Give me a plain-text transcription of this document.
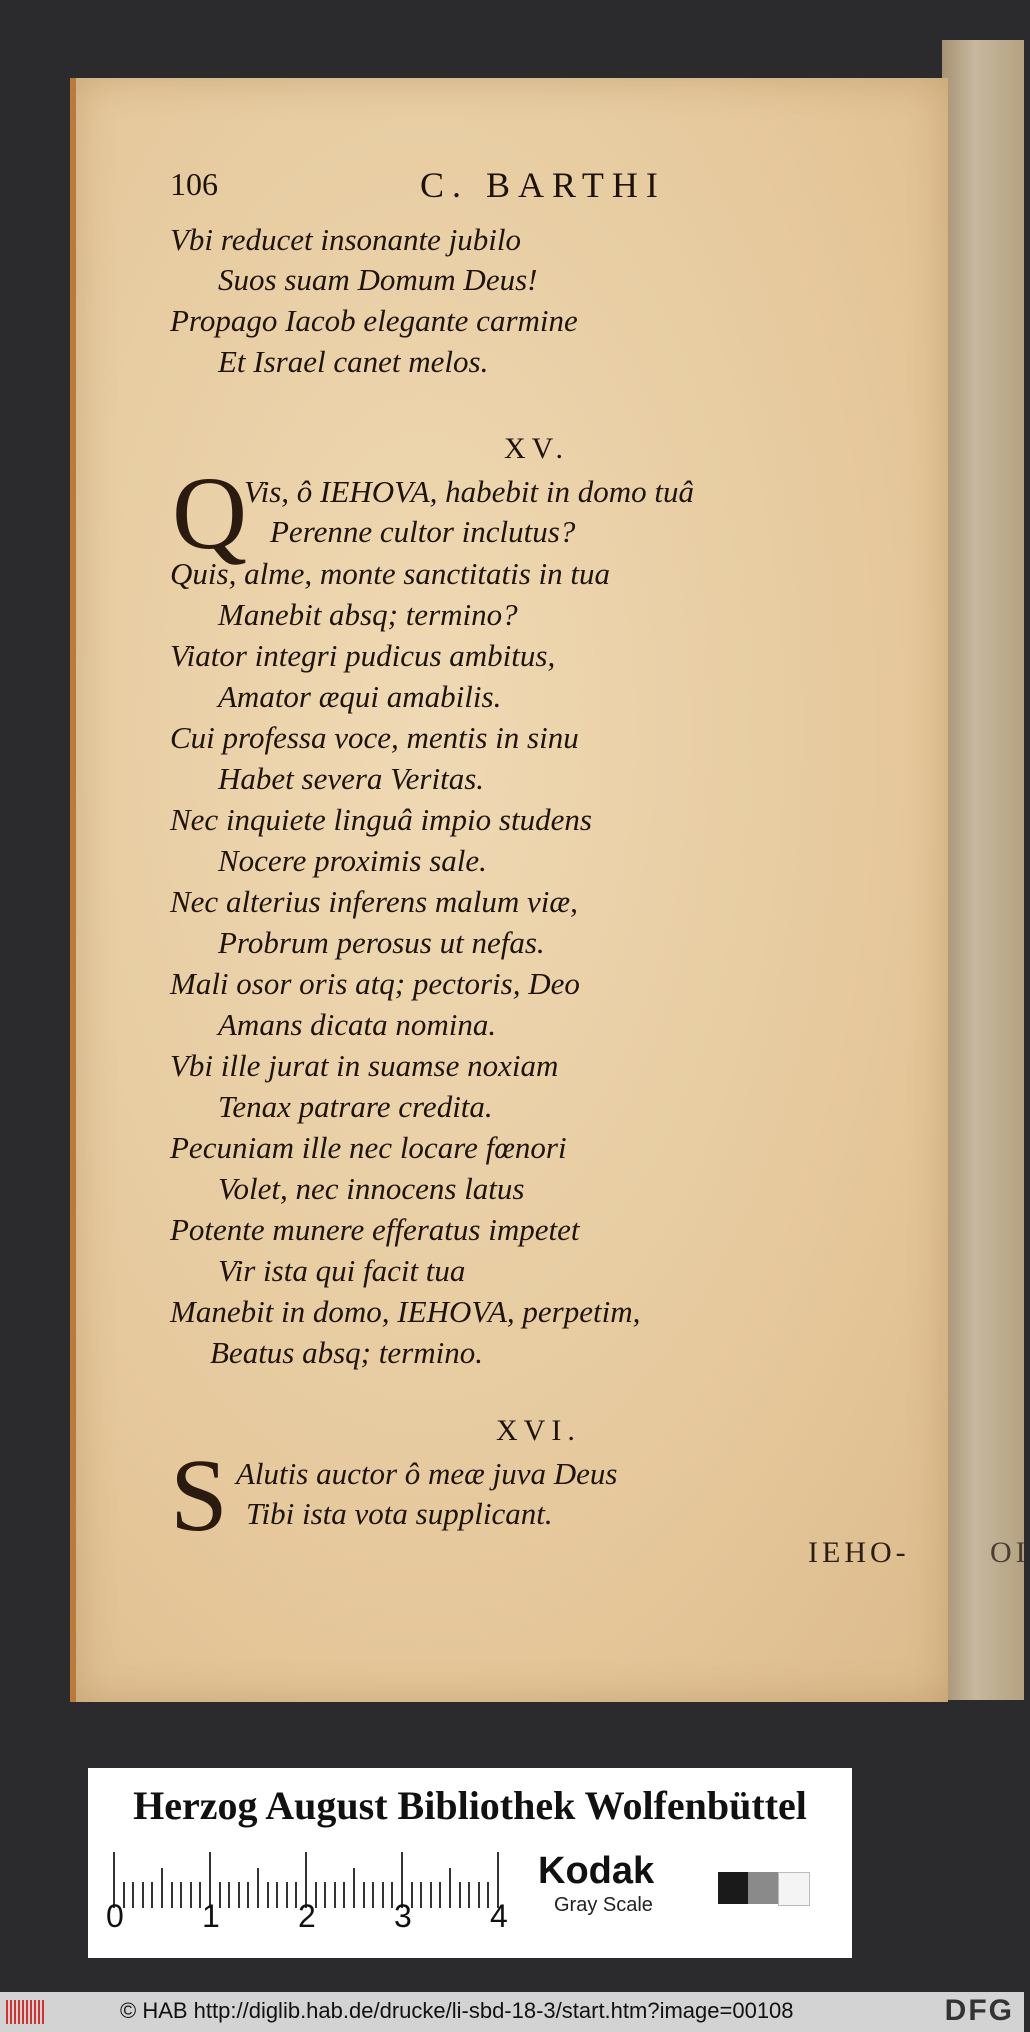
106	C. BARTHI
Vbi reducet insonante jubilo
Suos suam Domum Deus!
Propago Iacob elegante carmine
Et Israel canet melos.
XV.
Q
Vis, ô IEHOVA, habebit in domo tuâ
Perenne cultor inclutus?
Quis, alme, monte sanctitatis in tua
Manebit absq; termino?
Viator integri pudicus ambitus,
Amator æqui amabilis.
Cui professa voce, mentis in sinu
Habet severa Veritas.
Nec inquiete linguâ impio studens
Nocere proximis sale.
Nec alterius inferens malum viæ,
Probrum perosus ut nefas.
Mali osor oris atq; pectoris, Deo
Amans dicata nomina.
Vbi ille jurat in suamse noxiam
Tenax patrare credita.
Pecuniam ille nec locare fœnori
Volet, nec innocens latus
Potente munere efferatus impetet
Vir ista qui facit tua
Manebit in domo, IEHOVA, perpetim,
Beatus absq; termino.
XVI.
S Alutis auctor ô meæ juva Deus
Tibi ista vota supplicant.
IEHO-	OI
Herzog August Bibliothek Wolfenbüttel
0 1 2 3 4
Kodak
Gray Scale
© HAB http://diglib.hab.de/drucke/li-sbd-18-3/start.htm?image=00108	DFG
